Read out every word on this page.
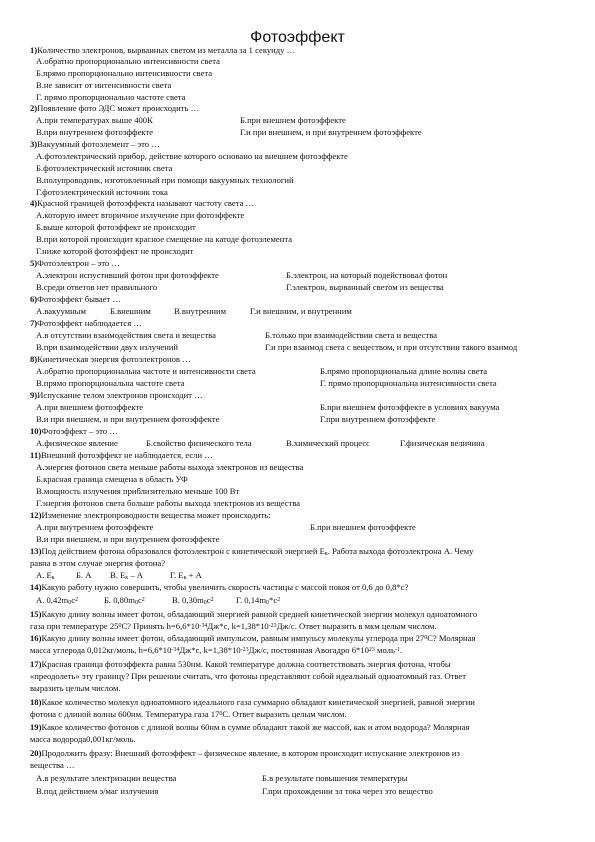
Фотоэффект
1)Количество электронов, вырванных светом из металла за 1 секунду …
А.обратно пропорционально интенсивности света
Б.прямо пропорционально интенсивности света
В.не зависит от интенсивности света
Г. прямо пропорционально частоте света
2)Появление фото ЭДС может происходить …
А.при температурах выше 400К	Б.при внешнем фотоэффекте
В.при внутреннем фотоэффекте	Г.и при внешнем, и при внутреннем фотоэффекте
3)Вакуумный фотоэлемент – это …
А.фотоэлектрический прибор, действие которого основано на внешнем фотоэффекте
Б.фотоэлектрический источник света
В.полупроводник, изготовленный при помощи вакуумных технологий
Г.фотоэлектрический источник тока
4)Красной границей фотоэффекта называют частоту света …
А.которую имеет вторичное излучение при фотоэффекте
Б.выше которой фотоэффект не происходит
В.при которой происходит красное смещение на катоде фотоэлемента
Г.ниже которой фотоэффект не происходит
5)Фотоэлектрон – это …
А.электрон испустивший фотон при фотоэффекте	Б.электрон, на который подействовал фотон
В.среди ответов нет правильного	Г.электрон, вырванный светом из вещества
6)Фотоэффект бывает …
А.вакуумным	Б.внешним	В.внутренним	Г.и внешним, и внутренним
7)Фотоэффект наблюдается …
А.в отсутствии взаимодействия света и вещества	Б.только при взаимодействии света и вещества
В.при взаимодействии двух излучений	Г.и при взаимод света с веществом, и при отсутствии такого взаимод
8)Кинетическая энергия фотоэлектронов …
А.обратно пропорциональна частоте и интенсивности света	Б.прямо пропорциональна длине волны света
В.прямо пропорциональна частоте света	Г. прямо пропорциональна интенсивности света
9)Испускание телом электронов происходит …
А.при внешнем фотоэффекте	Б.при внешнем фотоэффекте в условиях вакуума
В.и при внешнем, и при внутреннем фотоэффекте	Г.при внутреннем фотоэффекте
10)Фотоэффект – это …
А.физическое явление	Б.свойство физического тела	В.химический процесс	Г.физическая величина
11)Внешний фотоэффект не наблюдается, если …
А.энергия фотонов света меньше работы выхода электронов из вещества
Б.красная граница смещена в область УФ
В.мощность излучения приблизительно меньше 100 Вт
Г.энергия фотонов света больше работы выхода электронов из вещества
12)Изменение электропроводности вещества может происходить:
А.при внутреннем фотоэффекте	Б.при внешнем фотоэффекте
В.и при внешнем, и при внутреннем фотоэффекте
13)Под действием фотона образовался фотоэлектрон с кинетической энергией $Е_к$. Работа выхода фотоэлектрона А. Чему
равна в этом случае энергия фотона?
А. $Е_к$ Б. А В. $Е_к$ – А	Г. $Е_к + А$
14)Какую работу нужно совершить, чтобы увеличить скорость частицы с массой покоя от 0,6 до 0,8*с?
А. $0,42m_0c^2$	Б. $0,80m_0c^2$	В. $0,30m_0c^2$	Г. $0,14m_0*c^2$
15)Какую длину волны имеет фотон, обладающий энергией равной средней кинетической энергии молекул одноатомного
газа при температуре $25^0С$? Принять $h=6,6*10^{-34}Дж*с$, $k=1,38*10^{-23}Дж/с$. Ответ выразить в мкм целым числом.
16)Какую длину волны имеет фотон, обладающий импульсом, равным импульсу молекулы углерода при $27^0С$? Молярная
масса углерода 0,012кг/моль, $h=6,6*10^{-34}Дж*с$, $k=1,38*10^{-23}Дж/с$, постоянная Авогадро $6*10^{23}$ моль$^{-1}$.
17)Красная граница фотоэффекта равна 530нм. Какой температуре должна соответствовать энергия фотона, чтобы
«преодолеть» эту границу? При решении считать, что фотоны представляют собой идеальный одноатомный газ. Ответ
выразить целым числом.
18)Какое количество молекул одноатомного идеального газа суммарно обладают кинетической энергией, равной энергии
фотона с длиной волны 600нм. Температура газа $17^0С$. Ответ выразить целым числом.
19)Какое количество фотонов с длиной волны 60нм в сумме обладают такой же массой, как и атом водорода? Молярная
масса водорода0,001кг/моль.
20)Продолжить фразу: Внешний фотоэффект – физическое явление, в котором происходит испускание электронов из
вещества …
А.в результате электризации вещества	Б.в результате повышения температуры
В.под действием э/маг излучения	Г.при прохождении эл тока через это вещество
